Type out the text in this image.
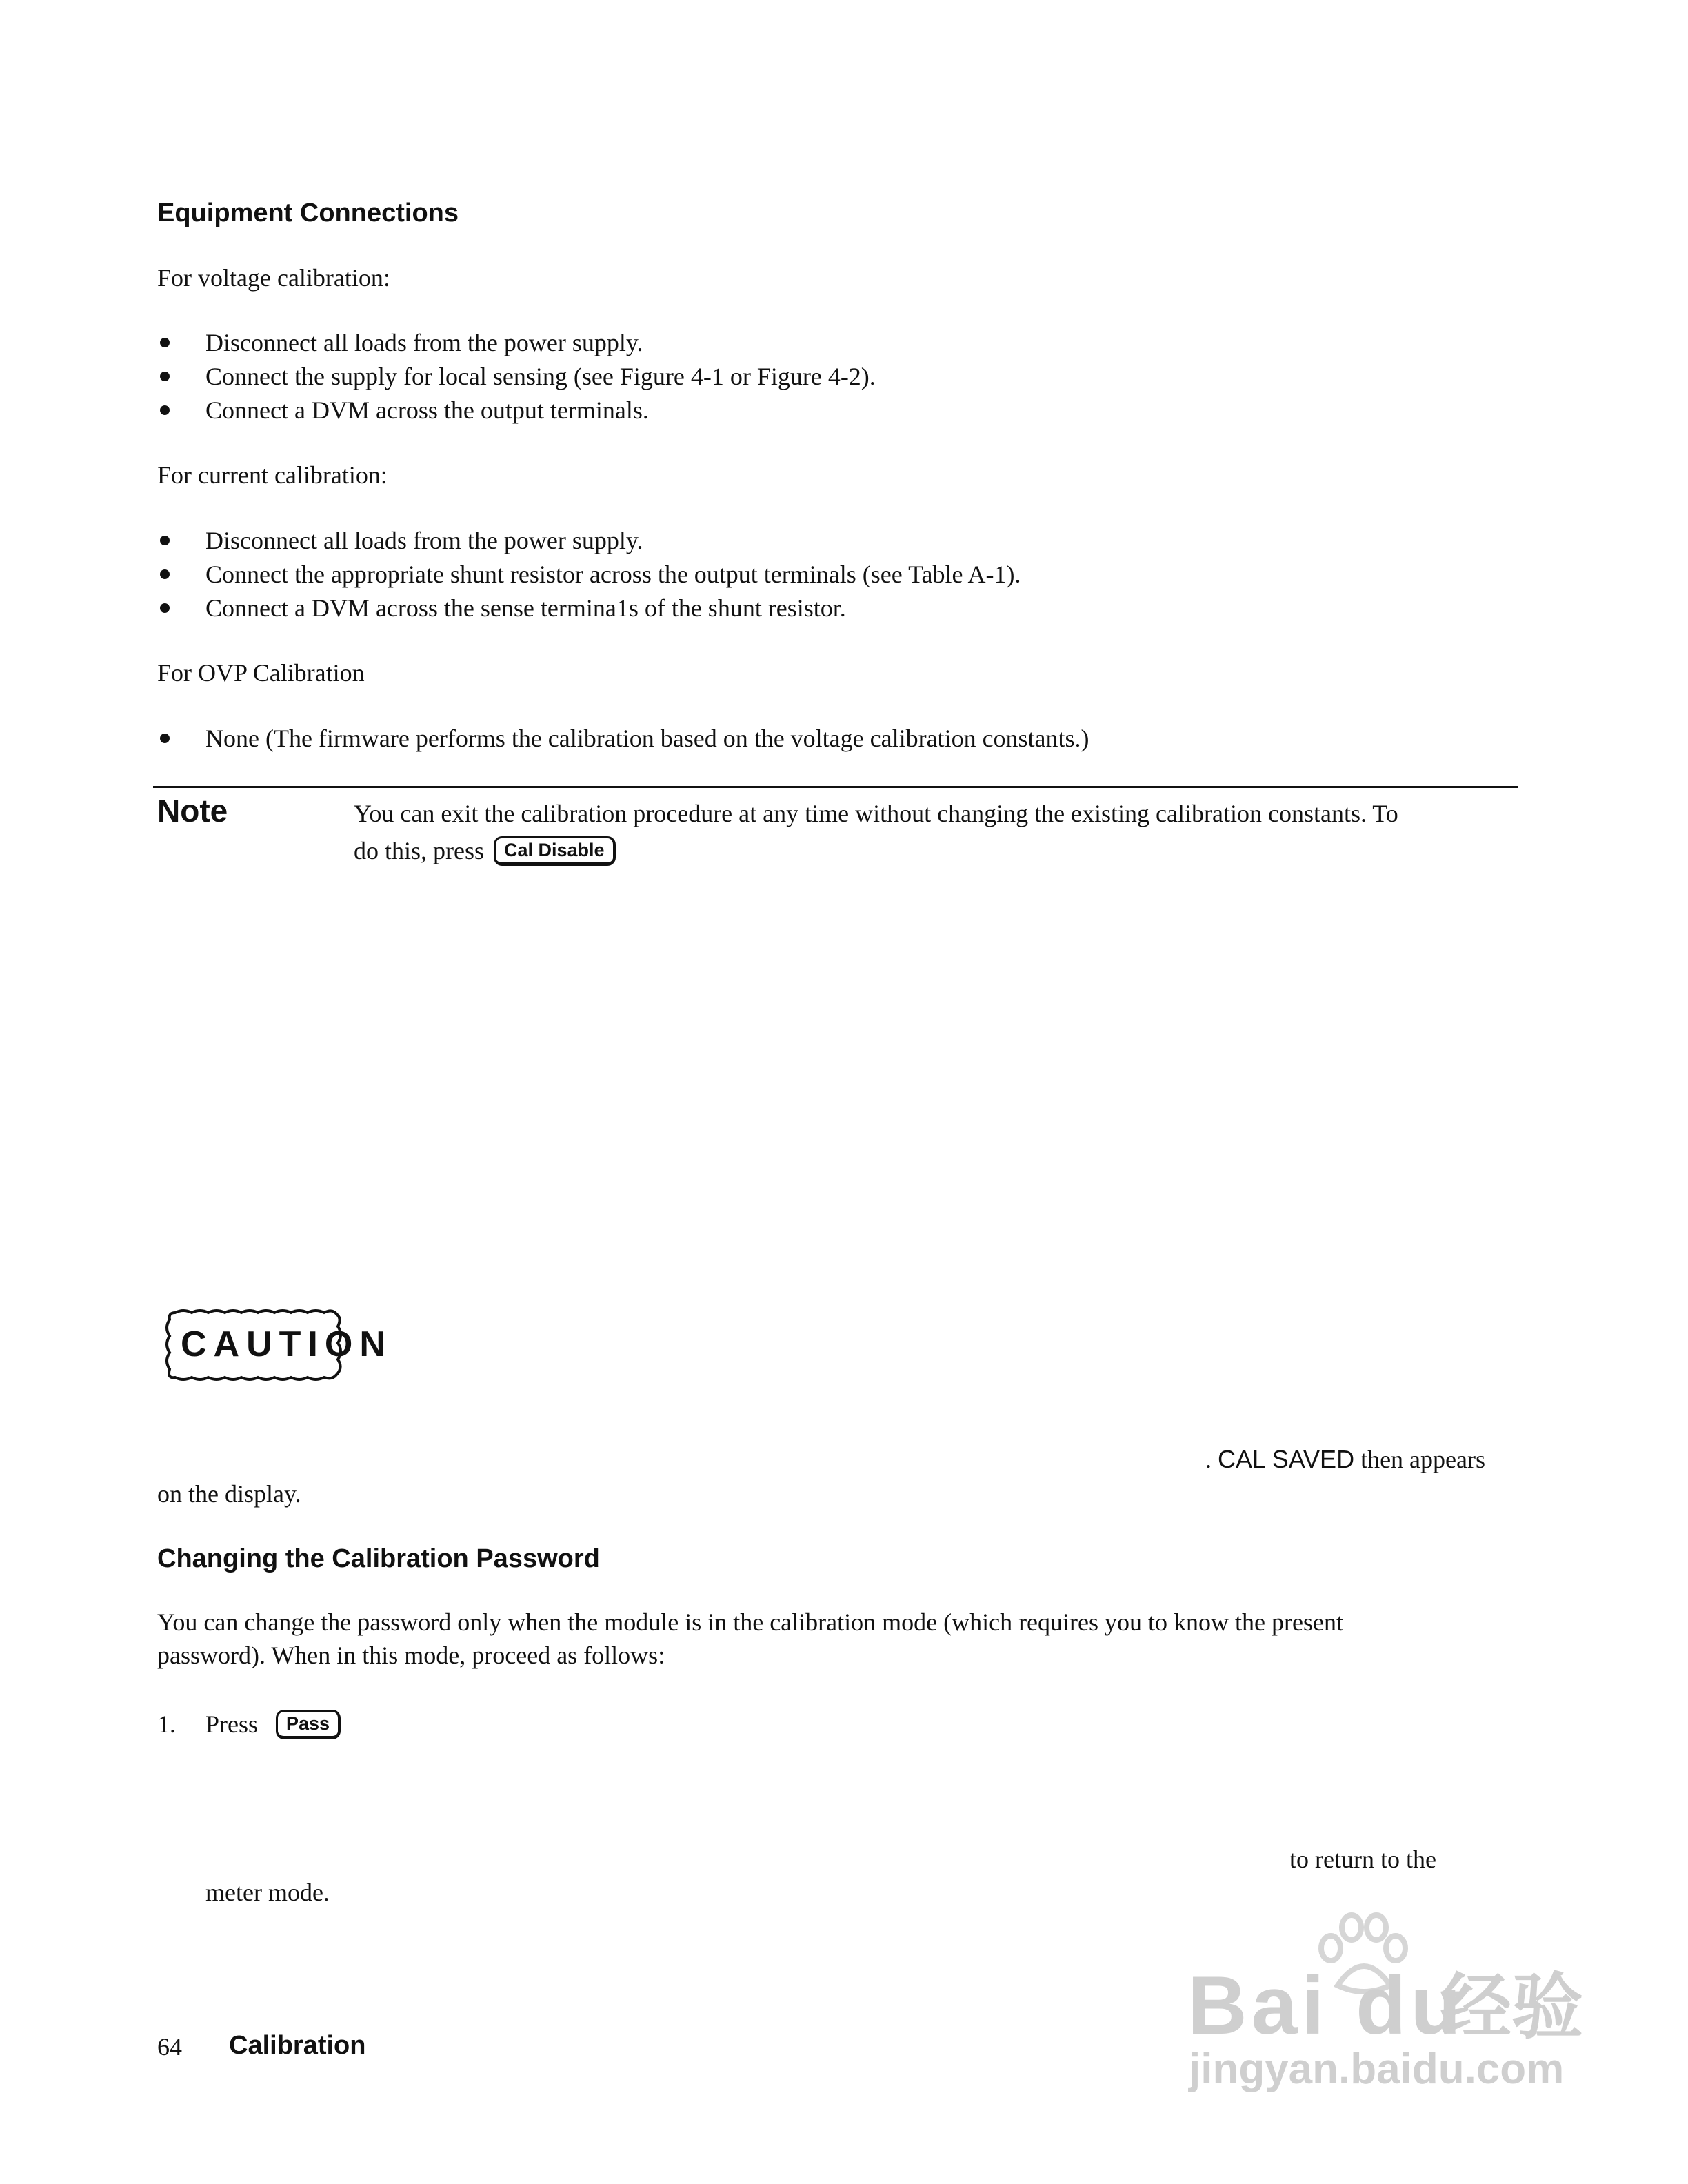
Equipment Connections
For voltage calibration:
Disconnect all loads from the power supply.
Connect the supply for local sensing (see Figure 4-1 or Figure 4-2).
Connect a DVM across the output terminals.
For current calibration:
Disconnect all loads from the power supply.
Connect the appropriate shunt resistor across the output terminals (see Table A-1).
Connect a DVM across the sense termina1s of the shunt resistor.
For OVP Calibration
None (The firmware performs the calibration based on the voltage calibration constants.)
Note	You can exit the calibration procedure at any time without changing the existing calibration constants. To
do this, press Cal Disable
CAUTION
. CAL SAVED then appears
on the display.
Changing the Calibration Password
You can change the password only when the module is in the calibration mode (which requires you to know the present
password). When in this mode, proceed as follows:
1. Press Pass
to return to the
meter mode.
64 Calibration	Bai du
经验
jingyan.baidu.com
